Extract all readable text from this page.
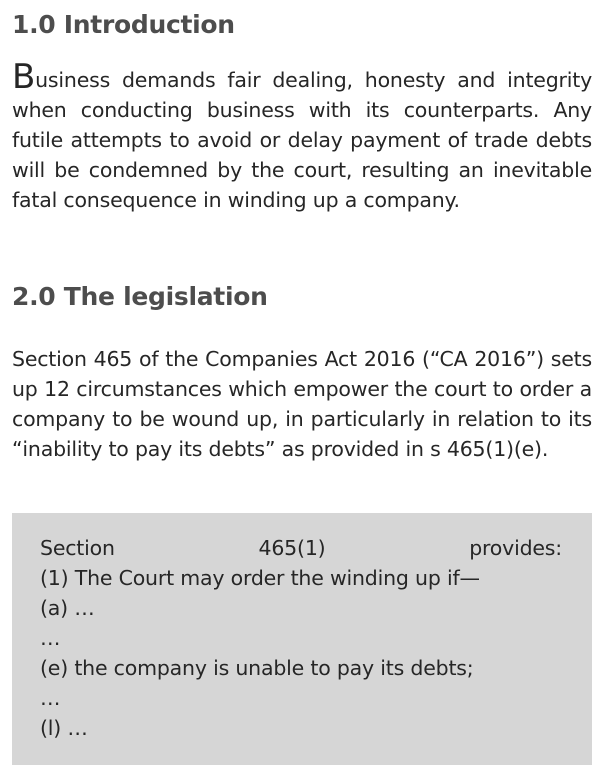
1.0 Introduction

Business demands fair dealing, honesty and integrity when conducting business with its counterparts. Any futile attempts to avoid or delay payment of trade debts will be condemned by the court, resulting an inevitable fatal consequence in winding up a company.

2.0 The legislation

Section 465 of the Companies Act 2016 (“CA 2016”) sets up 12 circumstances which empower the court to order a company to be wound up, in particularly in relation to its “inability to pay its debts” as provided in s 465(1)(e).

Section	465(1)	provides:
(1) The Court may order the winding up if—
(a) …
…
(e) the company is unable to pay its debts;
…
(l) …
